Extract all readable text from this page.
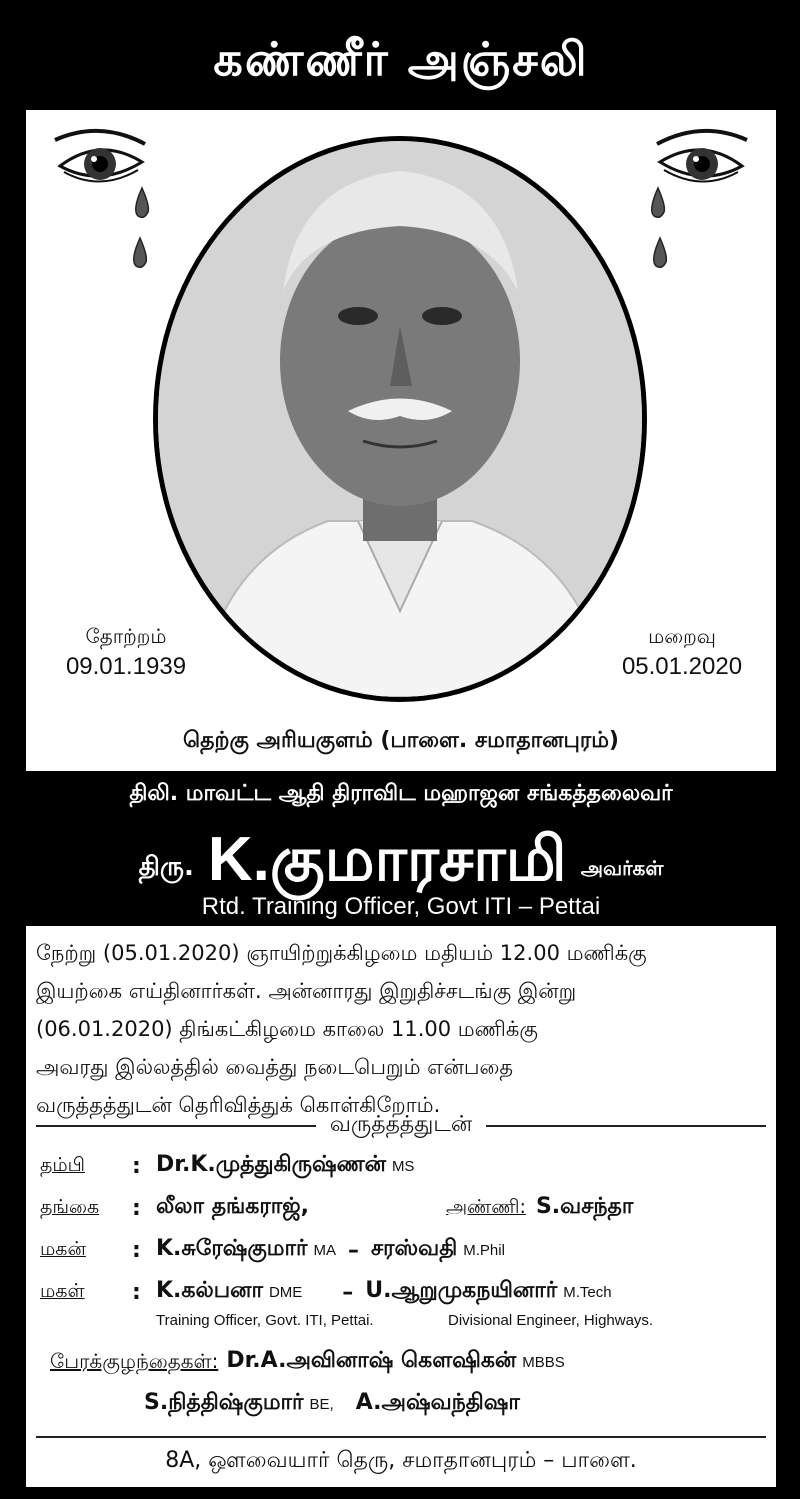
கண்ணீர் அஞ்சலி
தோற்றம்
09.01.1939
மறைவு
05.01.2020
தெற்கு அரியகுளம் (பாளை. சமாதானபுரம்)
திலி. மாவட்ட ஆதி திராவிட மஹாஜன சங்கத்தலைவர்
திரு. K.குமாரசாமி அவர்கள்
Rtd. Training Officer, Govt ITI – Pettai
நேற்று (05.01.2020) ஞாயிற்றுக்கிழமை மதியம் 12.00 மணிக்கு
இயற்கை எய்தினார்கள். அன்னாரது இறுதிச்சடங்கு இன்று
(06.01.2020) திங்கட்கிழமை காலை 11.00 மணிக்கு
அவரது இல்லத்தில் வைத்து நடைபெறும் என்பதை
வருத்தத்துடன் தெரிவித்துக் கொள்கிறோம்.
வருத்தத்துடன்
தம்பி	: Dr.K.முத்துகிருஷ்ணன் MS
தங்கை	: லீலா தங்கராஜ்,	அண்ணி: S.வசந்தா
மகன்	: K.சுரேஷ்குமார் MA – சரஸ்வதி M.Phil
மகள்	: K.கல்பனா DME – U.ஆறுமுகநயினார் M.Tech
Training Officer, Govt. ITI, Pettai.	Divisional Engineer, Highways.
பேரக்குழந்தைகள்: Dr.A.அவினாஷ் கௌஷிகன் MBBS
S.நித்திஷ்குமார் BE, A.அஷ்வந்திஷா
8A, ஔவையார் தெரு, சமாதானபுரம் – பாளை.
